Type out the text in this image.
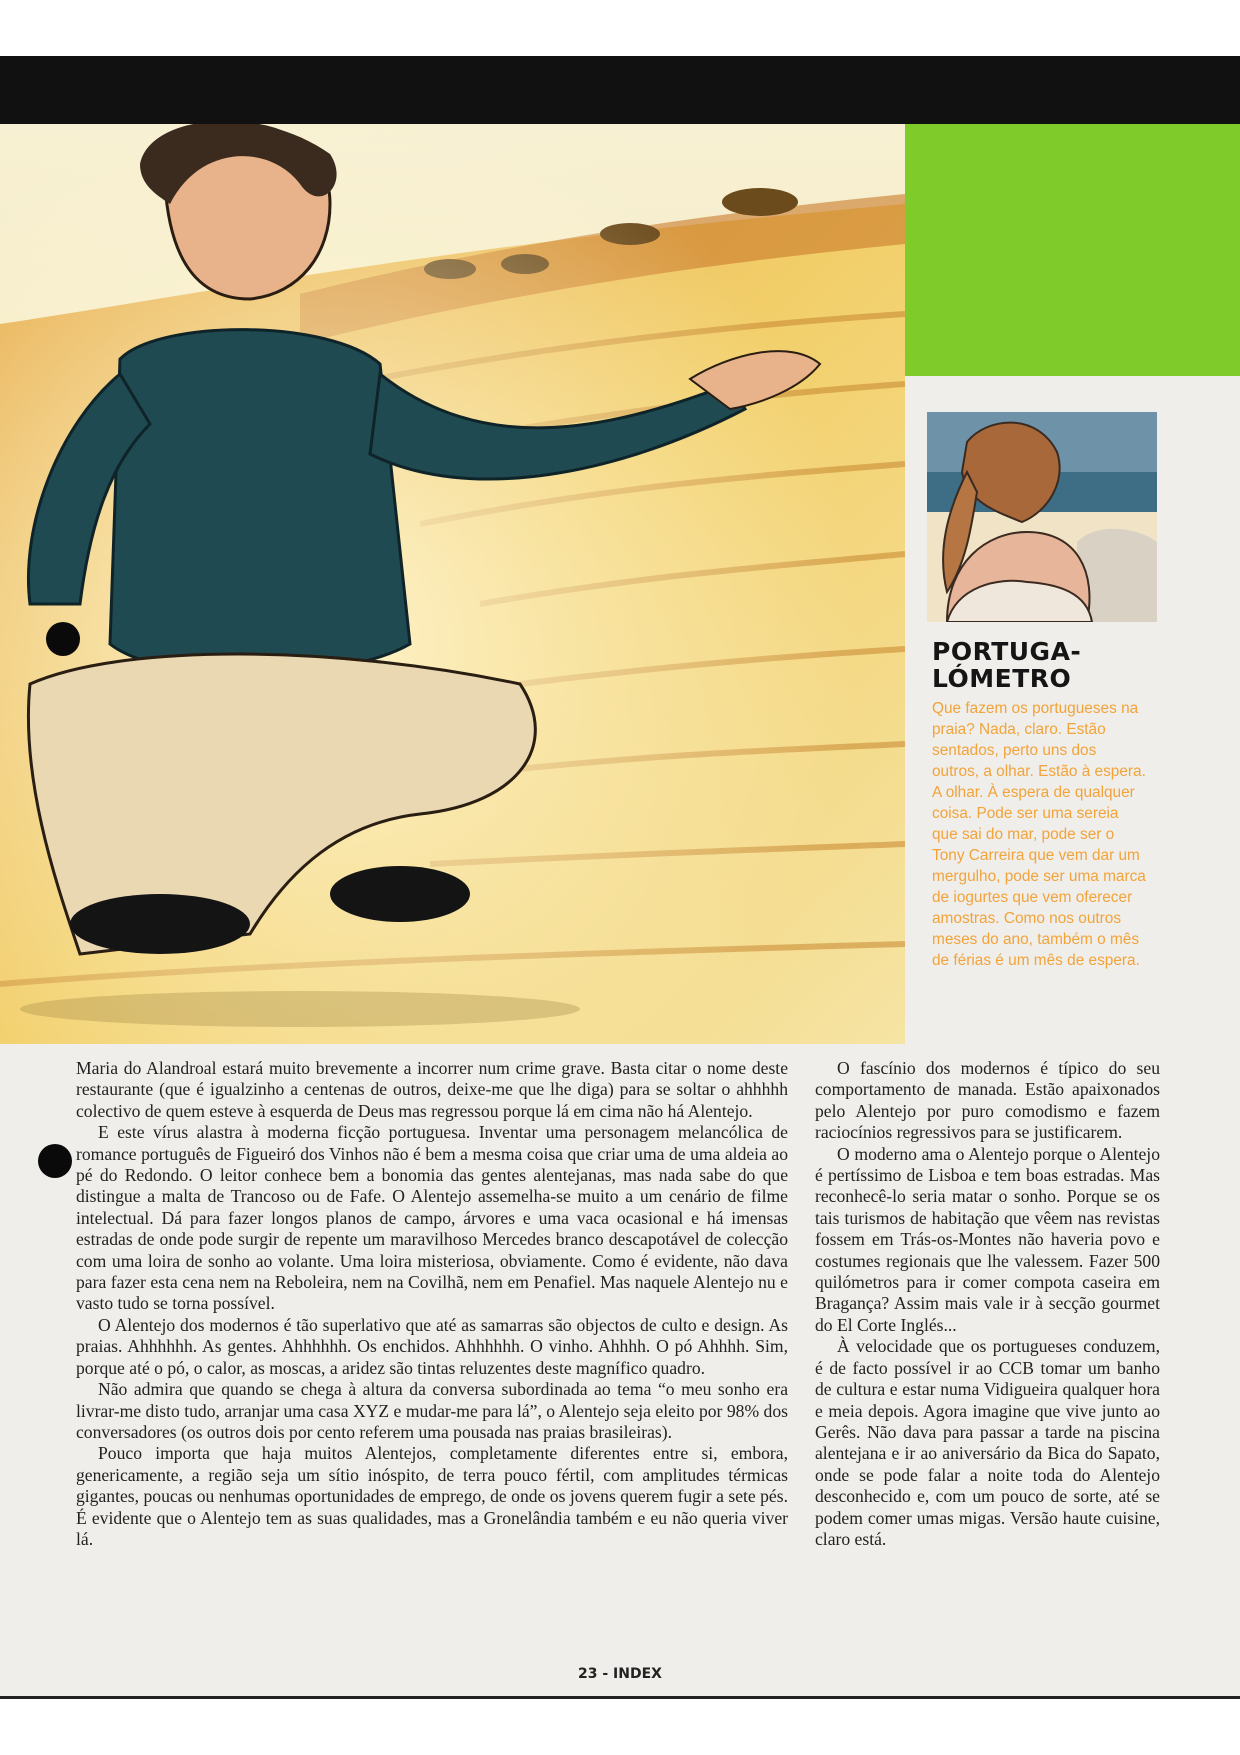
PORTUGA-
LÓMETRO
Que fazem os portugueses na praia? Nada, claro. Estão sentados, perto uns dos outros, a olhar. Estão à espera. A olhar. À espera de qualquer coisa. Pode ser uma sereia que sai do mar, pode ser o Tony Carreira que vem dar um mergulho, pode ser uma marca de iogurtes que vem oferecer amostras. Como nos outros meses do ano, também o mês de férias é um mês de espera.

Maria do Alandroal estará muito brevemente a incorrer num crime grave. Basta citar o nome deste restaurante (que é igualzinho a centenas de outros, deixe-me que lhe diga) para se soltar o ahhhhh colectivo de quem esteve à esquerda de Deus mas regressou porque lá em cima não há Alentejo.

E este vírus alastra à moderna ficção portuguesa. Inventar uma personagem melancólica de romance português de Figueiró dos Vinhos não é bem a mesma coisa que criar uma de uma aldeia ao pé do Redondo. O leitor conhece bem a bonomia das gentes alentejanas, mas nada sabe do que distingue a malta de Trancoso ou de Fafe. O Alentejo assemelha-se muito a um cenário de filme intelectual. Dá para fazer longos planos de campo, árvores e uma vaca ocasional e há imensas estradas de onde pode surgir de repente um maravilhoso Mercedes branco descapotável de colecção com uma loira de sonho ao volante. Uma loira misteriosa, obviamente. Como é evidente, não dava para fazer esta cena nem na Reboleira, nem na Covilhã, nem em Penafiel. Mas naquele Alentejo nu e vasto tudo se torna possível.

O Alentejo dos modernos é tão superlativo que até as samarras são objectos de culto e design. As praias. Ahhhhhh. As gentes. Ahhhhhh. Os enchidos. Ahhhhhh. O vinho. Ahhhh. O pó Ahhhh. Sim, porque até o pó, o calor, as moscas, a aridez são tintas reluzentes deste magnífico quadro.

Não admira que quando se chega à altura da conversa subordinada ao tema “o meu sonho era livrar-me disto tudo, arranjar uma casa XYZ e mudar-me para lá”, o Alentejo seja eleito por 98% dos conversadores (os outros dois por cento referem uma pousada nas praias brasileiras).

Pouco importa que haja muitos Alentejos, completamente diferentes entre si, embora, genericamente, a região seja um sítio inóspito, de terra pouco fértil, com amplitudes térmicas gigantes, poucas ou nenhumas oportunidades de emprego, de onde os jovens querem fugir a sete pés. É evidente que o Alentejo tem as suas qualidades, mas a Gronelândia também e eu não queria viver lá.

O fascínio dos modernos é típico do seu comportamento de manada. Estão apaixonados pelo Alentejo por puro comodismo e fazem raciocínios regressivos para se justificarem.

O moderno ama o Alentejo porque o Alentejo é pertíssimo de Lisboa e tem boas estradas. Mas reconhecê-lo seria matar o sonho. Porque se os tais turismos de habitação que vêem nas revistas fossem em Trás-os-Montes não haveria povo e costumes regionais que lhe valessem. Fazer 500 quilómetros para ir comer compota caseira em Bragança? Assim mais vale ir à secção gourmet do El Corte Inglés...

À velocidade que os portugueses conduzem, é de facto possível ir ao CCB tomar um banho de cultura e estar numa Vidigueira qualquer hora e meia depois. Agora imagine que vive junto ao Gerês. Não dava para passar a tarde na piscina alentejana e ir ao aniversário da Bica do Sapato, onde se pode falar a noite toda do Alentejo desconhecido e, com um pouco de sorte, até se podem comer umas migas. Versão haute cuisine, claro está.

23 - INDEX
